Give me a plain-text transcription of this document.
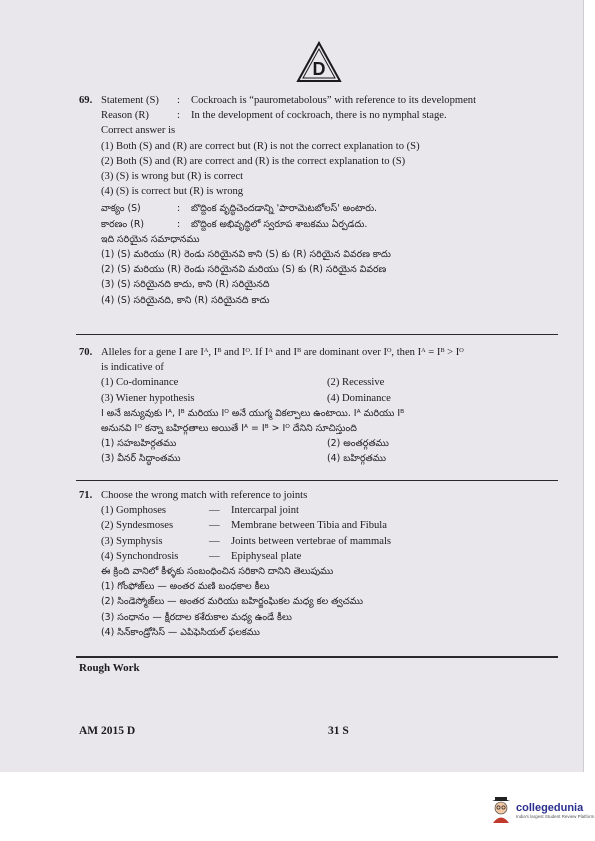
D
69. Statement (S) : Cockroach is “paurometabolous” with reference to its development
Reason (R)	: In the development of cockroach, there is no nymphal stage.
Correct answer is
(1) Both (S) and (R) are correct but (R) is not the correct explanation to (S)
(2) Both (S) and (R) are correct and (R) is the correct explanation to (S)
(3) (S) is wrong but (R) is correct
(4) (S) is correct but (R) is wrong
వాక్యం (S)	: బొద్దింక వృద్ధిచెందడాన్ని 'పారామెటబోలస్' అంటారు.
కారణం (R)	: బొద్దింక అభివృద్ధిలో స్వరూప శాబకము ఏర్పడదు.
ఇది సరియైన సమాధానము
(1) (S) మరియు (R) రెండు సరియైనవి కాని (S) కు (R) సరియైన వివరణ కాదు
(2) (S) మరియు (R) రెండు సరియైనవి మరియు (S) కు (R) సరియైన వివరణ
(3) (S) సరియైనది కాదు, కాని (R) సరియైనది
(4) (S) సరియైనది, కాని (R) సరియైనది కాదు
70. Alleles for a gene I are Iᴬ, Iᴮ and Iᴼ. If Iᴬ and Iᴮ are dominant over Iᴼ, then Iᴬ = Iᴮ > Iᴼ
is indicative of
(1) Co-dominance	(2) Recessive
(3) Wiener hypothesis	(4) Dominance
I అనే జన్యువుకు Iᴬ, Iᴮ మరియు Iᴼ అనే యుగ్మ వికల్పాలు ఉంటాయి. Iᴬ మరియు Iᴮ
అనునవి Iᴼ కన్నా బహిర్గతాలు అయితే Iᴬ = Iᴮ > Iᴼ దేనిని సూచిస్తుంది
(1) సహబహిర్గతము	(2) అంతర్గతము
(3) వీనర్ సిద్ధాంతము	(4) బహిర్గతము
71. Choose the wrong match with reference to joints
(1) Gomphoses	—	Intercarpal joint
(2) Syndesmoses	—	Membrane between Tibia and Fibula
(3) Symphysis	—	Joints between vertebrae of mammals
(4) Synchondrosis	—	Epiphyseal plate
ఈ క్రింది వానిలో కీళ్ళకు సంబంధించిన సరికాని దానిని తెలుపుము
(1) గోంఫోజ్‌లు — అంతర మణి బంధకాల కీలు
(2) సిండెస్మోజ్‌లు — అంతర మరియు బహిర్జంఘికల మధ్య కల త్వచము
(3) సంధానం — క్షీరదాల కశేరుకాల మధ్య ఉండే కీలు
(4) సిన్‌కాండ్రోసిస్ — ఎపిఫెసియల్ ఫలకము
Rough Work
AM 2015 D	31 S
collegedunia
India's largest Student Review Platform
